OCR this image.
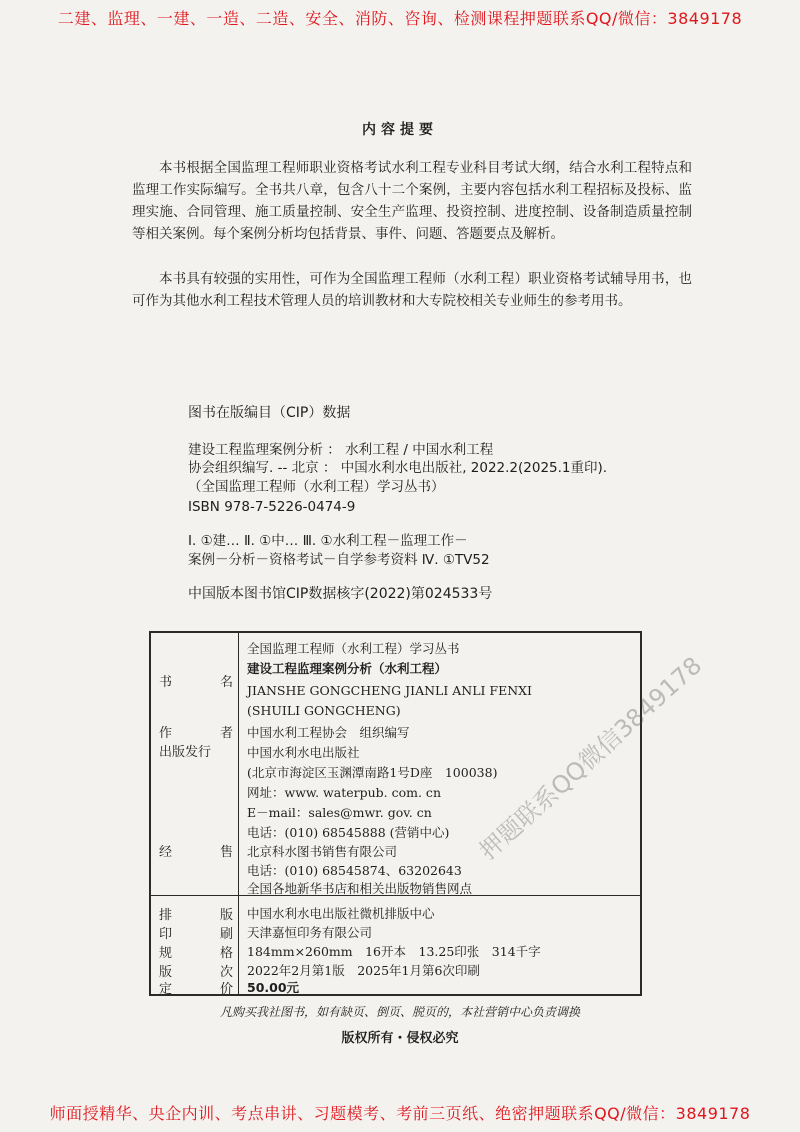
二建、监理、一建、一造、二造、安全、消防、咨询、检测课程押题联系QQ/微信：3849178
内容提要

本书根据全国监理工程师职业资格考试水利工程专业科目考试大纲，结合水利工程特点和监理工作实际编写。全书共八章，包含八十二个案例，主要内容包括水利工程招标及投标、监理实施、合同管理、施工质量控制、安全生产监理、投资控制、进度控制、设备制造质量控制等相关案例。每个案例分析均包括背景、事件、问题、答题要点及解析。

本书具有较强的实用性，可作为全国监理工程师（水利工程）职业资格考试辅导用书，也可作为其他水利工程技术管理人员的培训教材和大专院校相关专业师生的参考用书。

图书在版编目（CIP）数据
建设工程监理案例分析 ： 水利工程 / 中国水利工程
协会组织编写. -- 北京 ： 中国水利水电出版社, 2022.2(2025.1重印).
（全国监理工程师（水利工程）学习丛书）
ISBN 978-7-5226-0474-9
Ⅰ. ①建… Ⅱ. ①中… Ⅲ. ①水利工程－监理工作－
案例－分析－资格考试－自学参考资料 Ⅳ. ①TV52
中国版本图书馆CIP数据核字(2022)第024533号
书	名
全国监理工程师（水利工程）学习丛书
建设工程监理案例分析（水利工程）
JIANSHE GONGCHENG JIANLI ANLI FENXI
(SHUILI GONGCHENG)
作	者 中国水利工程协会　组织编写
出版发行	中国水利水电出版社
(北京市海淀区玉渊潭南路1号D座　100038)
网址：www. waterpub. com. cn
E－mail：sales@mwr. gov. cn
电话：(010) 68545888 (营销中心)
经	售 北京科水图书销售有限公司
电话：(010) 68545874、63202643
全国各地新华书店和相关出版物销售网点
排	版 中国水利水电出版社微机排版中心
印	刷 天津嘉恒印务有限公司
规	格 184mm×260mm　16开本　13.25印张　314千字
版	次 2022年2月第1版　2025年1月第6次印刷
定	价 50.00元
凡购买我社图书，如有缺页、倒页、脱页的，本社营销中心负责调换
版权所有・侵权必究
押题联系QQ微信3849178
师面授精华、央企内训、考点串讲、习题模考、考前三页纸、绝密押题联系QQ/微信：3849178
